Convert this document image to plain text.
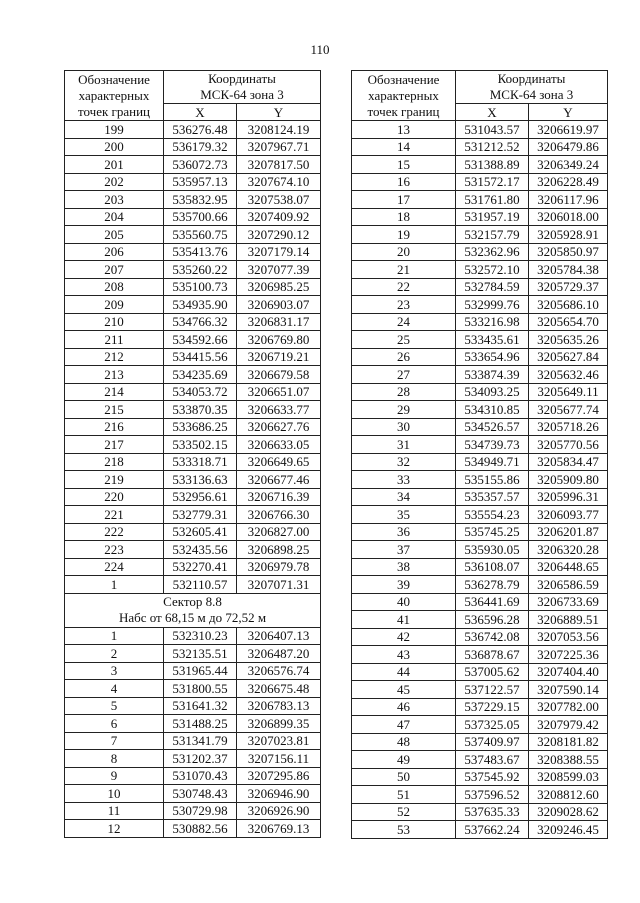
110
Обозначение
характерных
точек границ	Координаты
МСК-64 зона 3	
	X	Y

199	536276.48	3208124.19
200	536179.32	3207967.71
201	536072.73	3207817.50
202	535957.13	3207674.10
203	535832.95	3207538.07
204	535700.66	3207409.92
205	535560.75	3207290.12
206	535413.76	3207179.14
207	535260.22	3207077.39
208	535100.73	3206985.25
209	534935.90	3206903.07
210	534766.32	3206831.17
211	534592.66	3206769.80
212	534415.56	3206719.21
213	534235.69	3206679.58
214	534053.72	3206651.07
215	533870.35	3206633.77
216	533686.25	3206627.76
217	533502.15	3206633.05
218	533318.71	3206649.65
219	533136.63	3206677.46
220	532956.61	3206716.39
221	532779.31	3206766.30
222	532605.41	3206827.00
223	532435.56	3206898.25
224	532270.41	3206979.78
1	532110.57	3207071.31
Сектор 8.8
Набс от 68,15 м до 72,52 м		
1	532310.23	3206407.13
2	532135.51	3206487.20
3	531965.44	3206576.74
4	531800.55	3206675.48
5	531641.32	3206783.13
6	531488.25	3206899.35
7	531341.79	3207023.81
8	531202.37	3207156.11
9	531070.43	3207295.86
10	530748.43	3206946.90
11	530729.98	3206926.90
12	530882.56	3206769.13
Обозначение
характерных
точек границ	Координаты
МСК-64 зона 3	
	X	Y

13	531043.57	3206619.97
14	531212.52	3206479.86
15	531388.89	3206349.24
16	531572.17	3206228.49
17	531761.80	3206117.96
18	531957.19	3206018.00
19	532157.79	3205928.91
20	532362.96	3205850.97
21	532572.10	3205784.38
22	532784.59	3205729.37
23	532999.76	3205686.10
24	533216.98	3205654.70
25	533435.61	3205635.26
26	533654.96	3205627.84
27	533874.39	3205632.46
28	534093.25	3205649.11
29	534310.85	3205677.74
30	534526.57	3205718.26
31	534739.73	3205770.56
32	534949.71	3205834.47
33	535155.86	3205909.80
34	535357.57	3205996.31
35	535554.23	3206093.77
36	535745.25	3206201.87
37	535930.05	3206320.28
38	536108.07	3206448.65
39	536278.79	3206586.59
40	536441.69	3206733.69
41	536596.28	3206889.51
42	536742.08	3207053.56
43	536878.67	3207225.36
44	537005.62	3207404.40
45	537122.57	3207590.14
46	537229.15	3207782.00
47	537325.05	3207979.42
48	537409.97	3208181.82
49	537483.67	3208388.55
50	537545.92	3208599.03
51	537596.52	3208812.60
52	537635.33	3209028.62
53	537662.24	3209246.45
